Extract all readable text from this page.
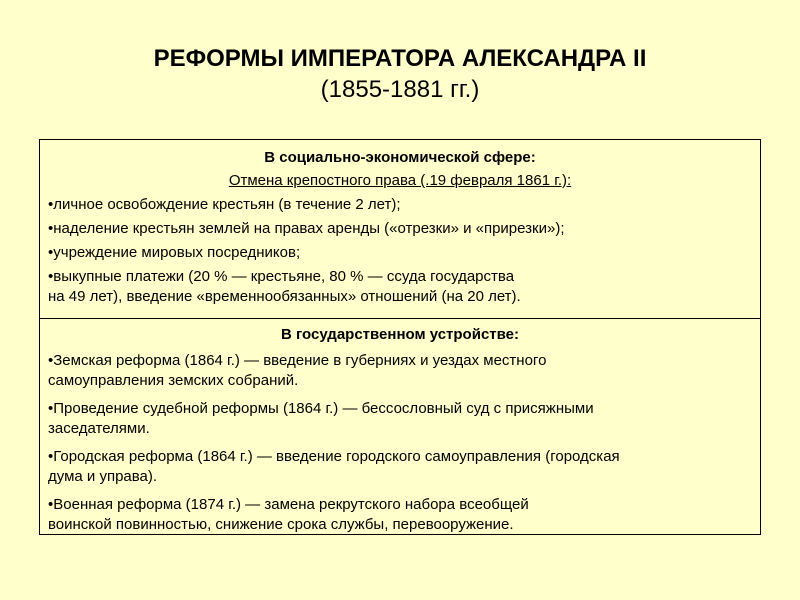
РЕФОРМЫ ИМПЕРАТОРА АЛЕКСАНДРА II
(1855-1881 гг.)
В социально-экономической сфере:
Отмена крепостного права (.19 февраля 1861 г.):

•личное освобождение крестьян (в течение 2 лет);

•наделение крестьян землей на правах аренды («отрезки» и «прирезки»);

•учреждение мировых посредников;

•выкупные платежи (20 % — крестьяне, 80 % — ссуда государства

на 49 лет), введение «временнообязанных» отношений (на 20 лет).

В государственном устройстве:

•Земская реформа (1864 г.) — введение в губерниях и уездах местного

самоуправления земских собраний.

•Проведение судебной реформы (1864 г.) — бессословный суд с присяжными

заседателями.

•Городская реформа (1864 г.) — введение городского самоуправления (городская

дума и управа).

•Военная реформа (1874 г.) — замена рекрутского набора всеобщей

воинской повинностью, снижение срока службы, перевооружение.
